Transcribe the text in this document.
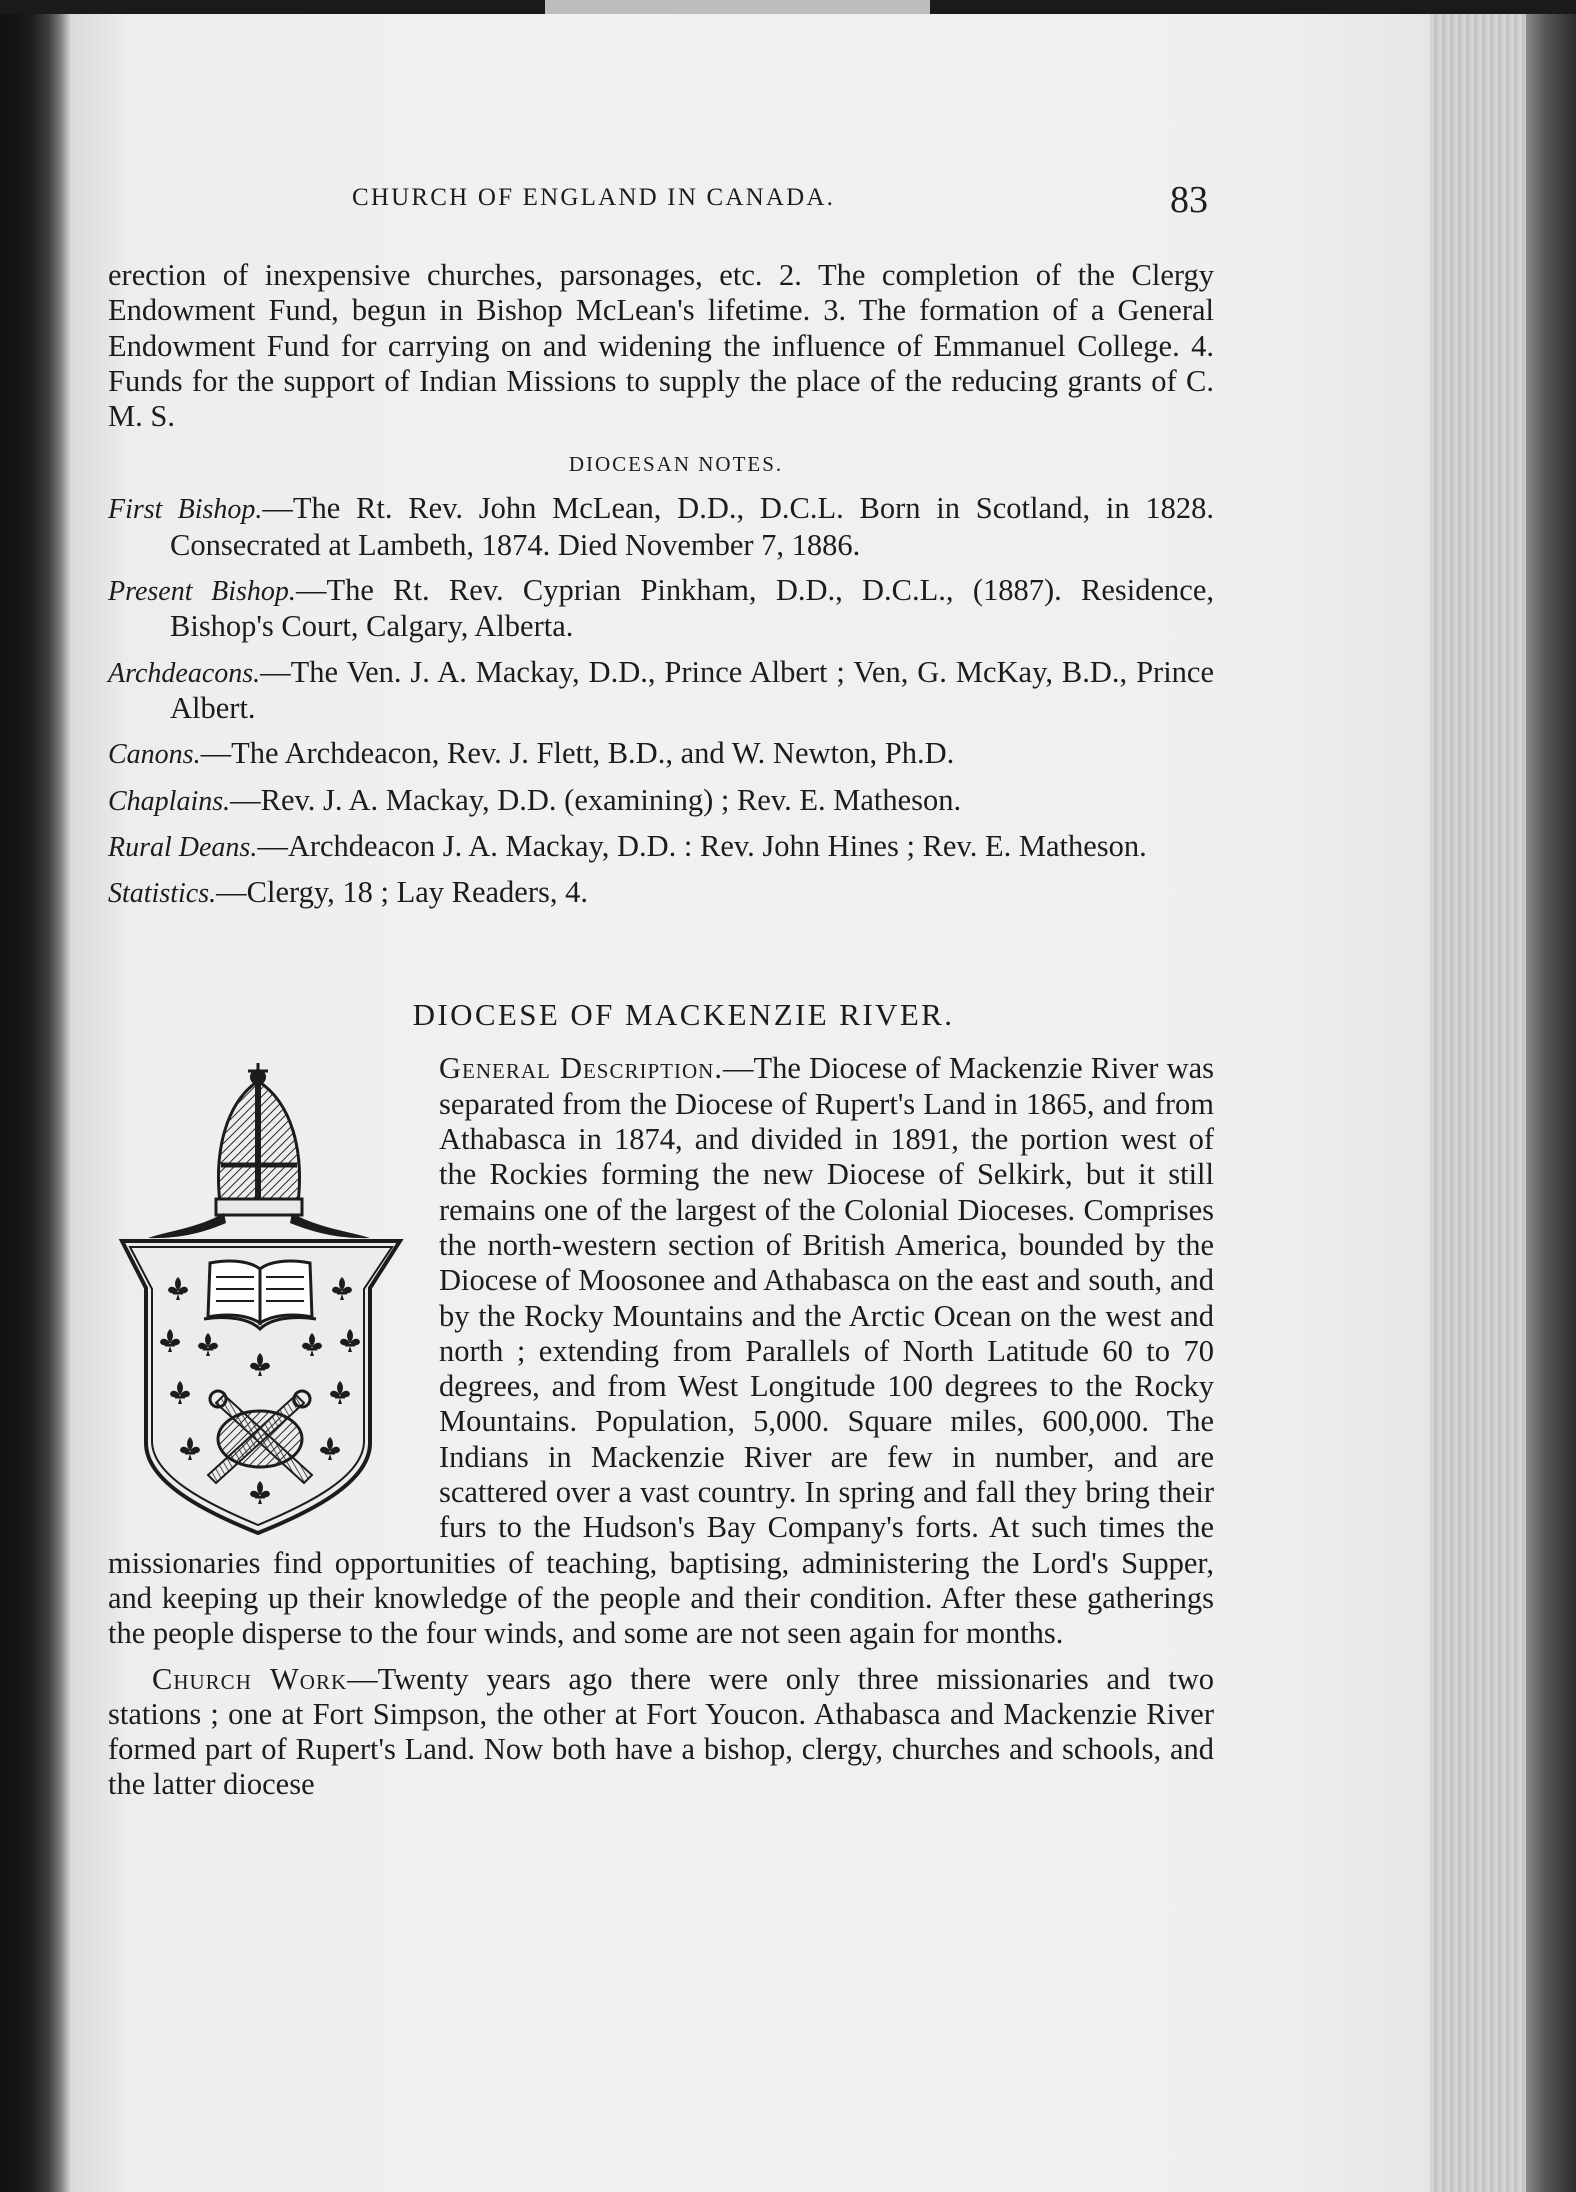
CHURCH OF ENGLAND IN CANADA.	83

erection of inexpensive churches, parsonages, etc. 2. The completion of the Clergy Endowment Fund, begun in Bishop McLean's lifetime. 3. The formation of a General Endowment Fund for carrying on and widening the influence of Emmanuel College. 4. Funds for the support of Indian Missions to supply the place of the reducing grants of C. M. S.

DIOCESAN NOTES.

First Bishop.—The Rt. Rev. John McLean, D.D., D.C.L. Born in Scotland, in 1828. Consecrated at Lambeth, 1874. Died November 7, 1886.

Present Bishop.—The Rt. Rev. Cyprian Pinkham, D.D., D.C.L., (1887). Residence, Bishop's Court, Calgary, Alberta.

Archdeacons.—The Ven. J. A. Mackay, D.D., Prince Albert ; Ven, G. McKay, B.D., Prince Albert.

Canons.—The Archdeacon, Rev. J. Flett, B.D., and W. Newton, Ph.D.

Chaplains.—Rev. J. A. Mackay, D.D. (examining) ; Rev. E. Matheson.

Rural Deans.—Archdeacon J. A. Mackay, D.D. : Rev. John Hines ; Rev. E. Matheson.

Statistics.—Clergy, 18 ; Lay Readers, 4.

DIOCESE OF MACKENZIE RIVER.

General Description.—The Diocese of Mackenzie River was separated from the Diocese of Rupert's Land in 1865, and from Athabasca in 1874, and divided in 1891, the portion west of the Rockies forming the new Diocese of Selkirk, but it still remains one of the largest of the Colonial Dioceses. Comprises the north-western section of British America, bounded by the Diocese of Moosonee and Athabasca on the east and south, and by the Rocky Mountains and the Arctic Ocean on the west and north ; extending from Parallels of North Latitude 60 to 70 degrees, and from West Longitude 100 degrees to the Rocky Mountains. Population, 5,000. Square miles, 600,000. The Indians in Mackenzie River are few in number, and are scattered over a vast country. In spring and fall they bring their furs to the Hudson's Bay Company's forts. At such times the missionaries find opportunities of teaching, baptising, administering the Lord's Supper, and keeping up their knowledge of the people and their condition. After these gatherings the people disperse to the four winds, and some are not seen again for months.

Church Work—Twenty years ago there were only three missionaries and two stations ; one at Fort Simpson, the other at Fort Youcon. Athabasca and Mackenzie River formed part of Rupert's Land. Now both have a bishop, clergy, churches and schools, and the latter diocese
